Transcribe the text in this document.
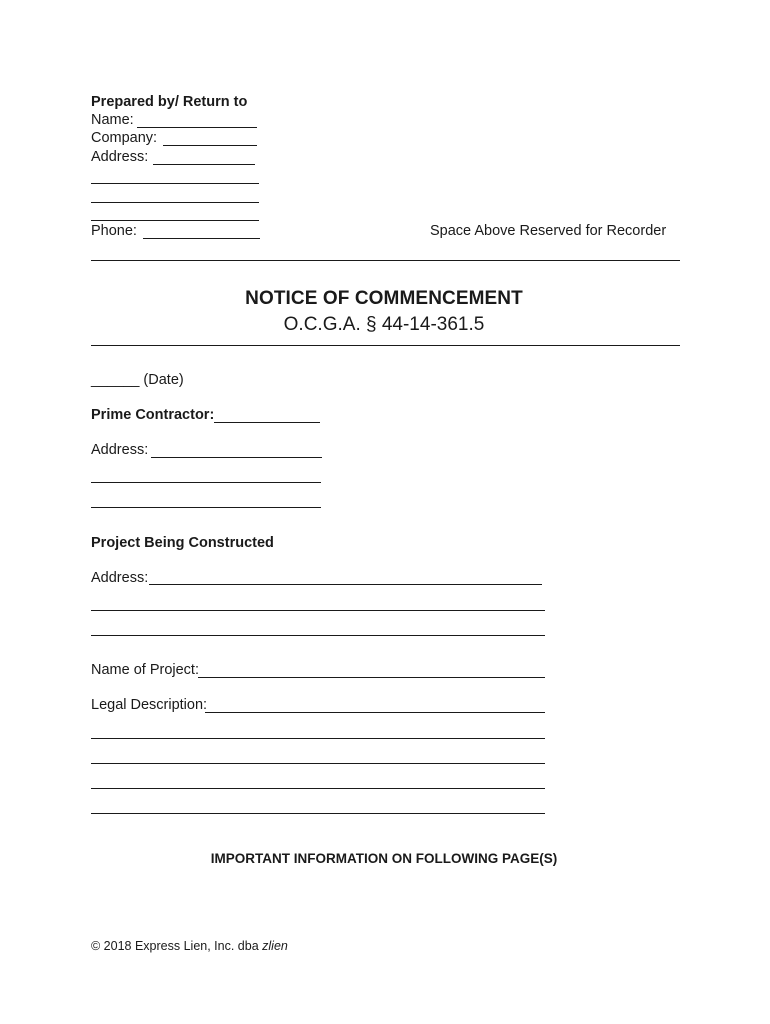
Prepared by/ Return to
Name:
Company:
Address:
Phone:	Space Above Reserved for Recorder
NOTICE OF COMMENCEMENT
O.C.G.A. § 44-14-361.5
______ (Date)
Prime Contractor:
Address:
Project Being Constructed
Address:
Name of Project:
Legal Description:
IMPORTANT INFORMATION ON FOLLOWING PAGE(S)
© 2018 Express Lien, Inc. dba zlien
